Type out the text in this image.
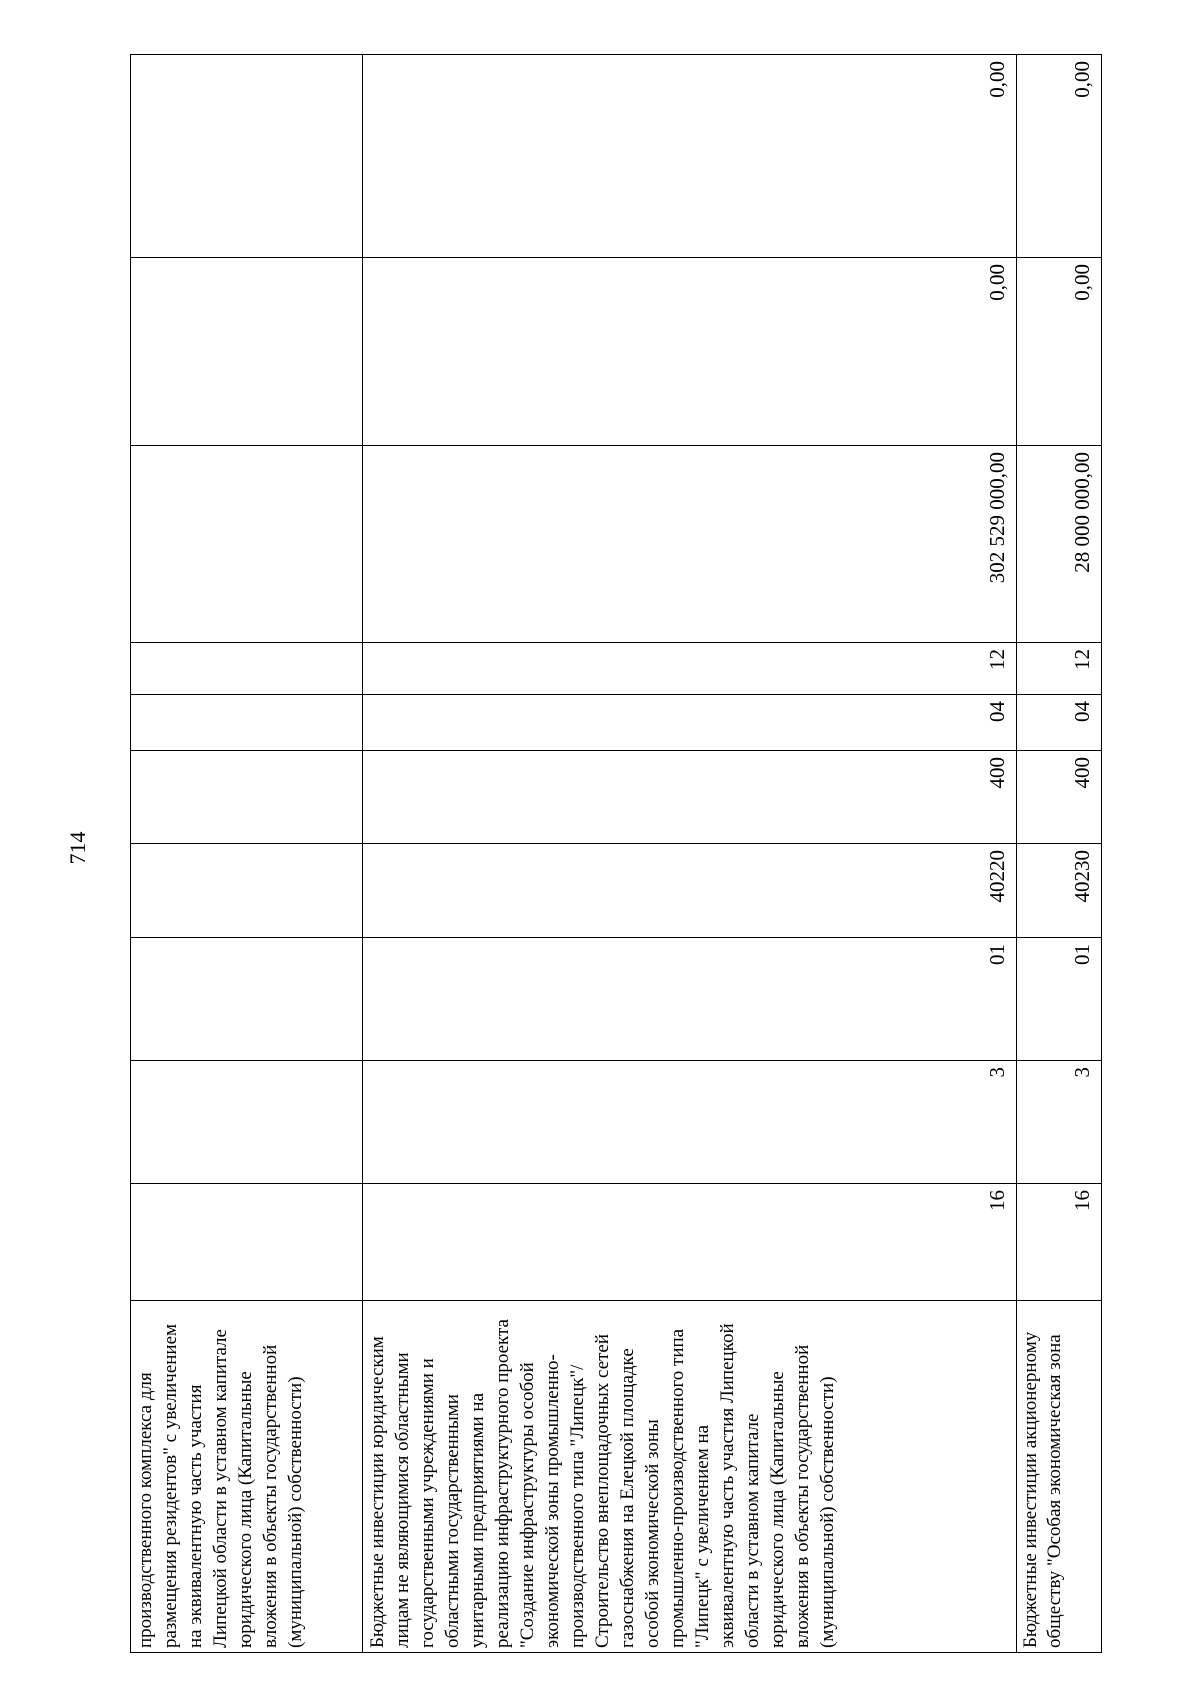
714
производственного комплекса для размещения резидентов" с увеличением на эквивалентную часть участия Липецкой области в уставном капитале юридического лица (Капитальные вложения в объекты государственной (муниципальной) собственности)										
Бюджетные инвестиции юридическим лицам не являющимися областными государственными учреждениями и областными государственными унитарными предприятиями на реализацию инфраструктурного проекта "Создание инфраструктуры особой экономической зоны промышленно-производственного типа "Липецк"/Строительство внеплощадочных сетей газоснабжения на Елецкой площадке особой экономической зоны промышленно-производственного типа "Липецк" с увеличением на эквивалентную часть участия Липецкой области в уставном капитале юридического лица (Капитальные вложения в объекты государственной (муниципальной) собственности)	16	3	01	40220	400	04	12	302 529 000,00	0,00	0,00
Бюджетные инвестиции акционерному обществу "Особая экономическая зона	16	3	01	40230	400	04	12	28 000 000,00	0,00	0,00
